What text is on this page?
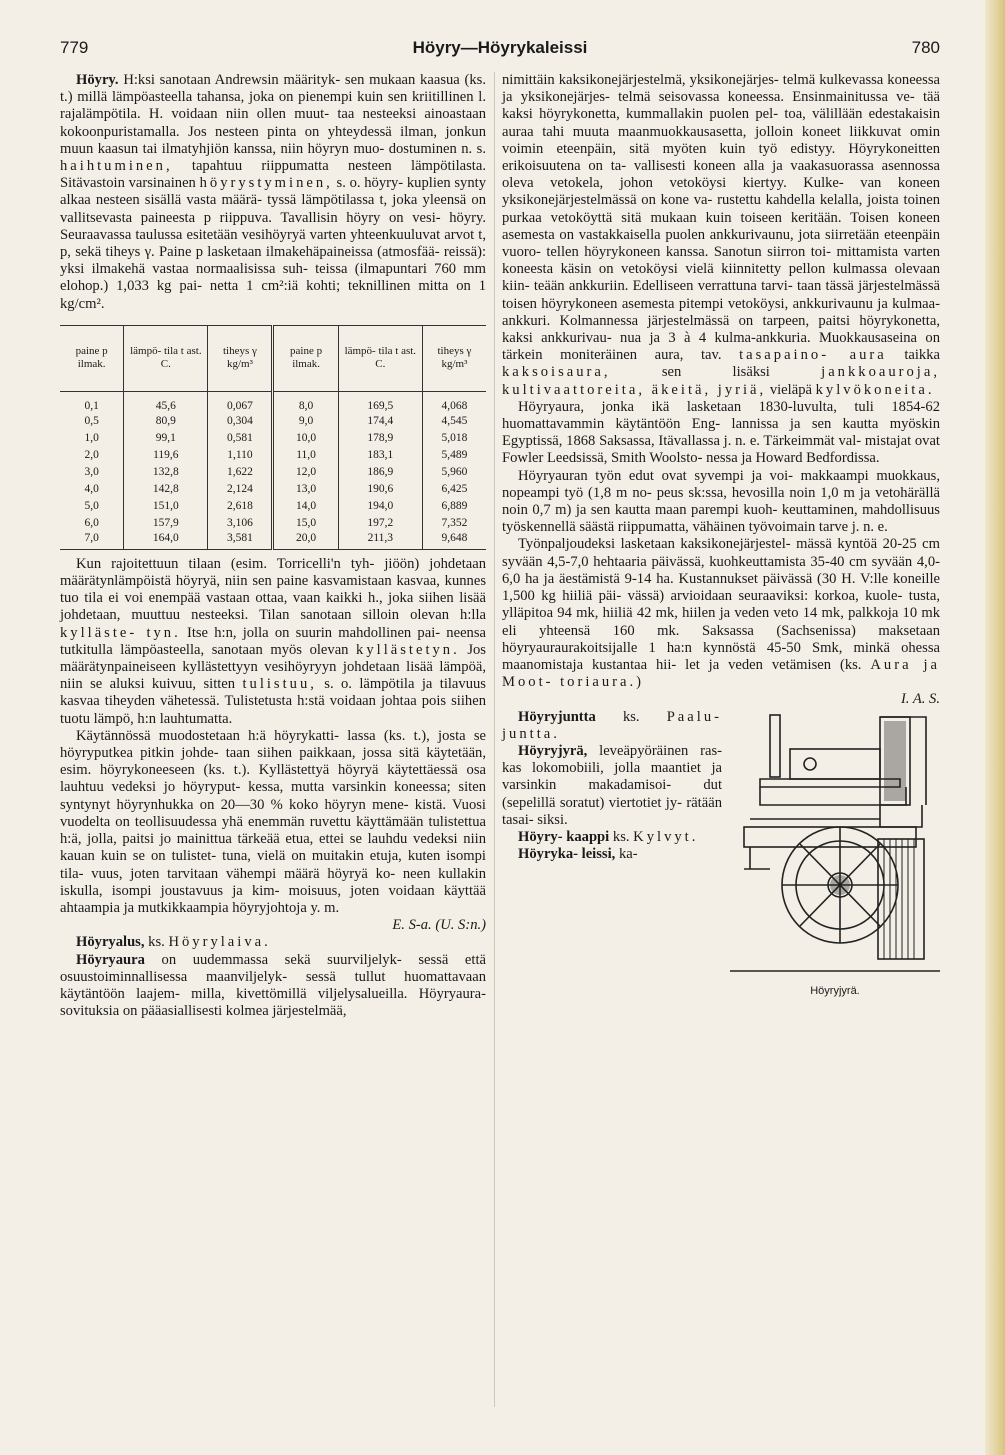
779	Höyry—Höyrykaleissi	780

Höyry. H:ksi sanotaan Andrewsin määrityk- sen mukaan kaasua (ks. t.) millä lämpöasteella tahansa, joka on pienempi kuin sen kriitillinen l. rajalämpötila. H. voidaan niin ollen muut- taa nesteeksi ainoastaan kokoonpuristamalla. Jos nesteen pinta on yhteydessä ilman, jonkun muun kaasun tai ilmatyhjiön kanssa, niin höyryn muo- dostuminen n. s. haihtuminen, tapahtuu riippumatta nesteen lämpötilasta. Sitävastoin varsinainen höyrystyminen, s. o. höyry- kuplien synty alkaa nesteen sisällä vasta määrä- tyssä lämpötilassa t, joka yleensä on vallitsevasta paineesta p riippuva. Tavallisin höyry on vesi- höyry. Seuraavassa taulussa esitetään vesihöyryä varten yhteenkuuluvat arvot t, p, sekä tiheys γ. Paine p lasketaan ilmakehäpaineissa (atmosfää- reissä): yksi ilmakehä vastaa normaalisissa suh- teissa (ilmapuntari 760 mm elohop.) 1,033 kg pai- netta 1 cm²:iä kohti; teknillinen mitta on 1 kg/cm².

paine p ilmak.	lämpö- tila t ast. C.	tiheys γ kg/m³	paine p ilmak.	lämpö- tila t ast. C.	tiheys γ kg/m³
0,1	45,6	0,067	8,0	169,5	4,068
0,5	80,9	0,304	9,0	174,4	4,545
1,0	99,1	0,581	10,0	178,9	5,018
2,0	119,6	1,110	11,0	183,1	5,489
3,0	132,8	1,622	12,0	186,9	5,960
4,0	142,8	2,124	13,0	190,6	6,425
5,0	151,0	2,618	14,0	194,0	6,889
6,0	157,9	3,106	15,0	197,2	7,352
7,0	164,0	3,581	20,0	211,3	9,648

Kun rajoitettuun tilaan (esim. Torricelli'n tyh- jiöön) johdetaan määrätynlämpöistä höyryä, niin sen paine kasvamistaan kasvaa, kunnes tuo tila ei voi enempää vastaan ottaa, vaan kaikki h., joka siihen lisää johdetaan, muuttuu nesteeksi. Tilan sanotaan silloin olevan h:lla kylläste- tyn. Itse h:n, jolla on suurin mahdollinen pai- neensa tutkitulla lämpöasteella, sanotaan myös olevan kyllästetyn. Jos määrätynpaineiseen kyllästettyyn vesihöyryyn johdetaan lisää lämpöä, niin se aluksi kuivuu, sitten tulistuu, s. o. lämpötila ja tilavuus kasvaa tiheyden vähetessä. Tulistetusta h:stä voidaan johtaa pois siihen tuotu lämpö, h:n lauhtumatta.

Käytännössä muodostetaan h:ä höyrykatti- lassa (ks. t.), josta se höyryputkea pitkin johde- taan siihen paikkaan, jossa sitä käytetään, esim. höyrykoneeseen (ks. t.). Kyllästettyä höyryä käytettäessä osa lauhtuu vedeksi jo höyryput- kessa, mutta varsinkin koneessa; siten syntynyt höyrynhukka on 20—30 % koko höyryn mene- kistä. Vuosi vuodelta on teollisuudessa yhä enemmän ruvettu käyttämään tulistettua h:ä, jolla, paitsi jo mainittua tärkeää etua, ettei se lauhdu vedeksi niin kauan kuin se on tulistet- tuna, vielä on muitakin etuja, kuten isompi tila- vuus, joten tarvitaan vähempi määrä höyryä ko- neen kullakin iskulla, isompi joustavuus ja kim- moisuus, joten voidaan käyttää ahtaampia ja mutkikkaampia höyryjohtoja y. m.

E. S-a. (U. S:n.)

Höyryalus, ks. Höyrylaiva.

Höyryaura on uudemmassa sekä suurviljelyk- sessä että osuustoiminnallisessa maanviljelyk- sessä tullut huomattavaan käytäntöön laajem- milla, kivettömillä viljelysalueilla. Höyryaura- sovituksia on pääasiallisesti kolmea järjestelmää,

nimittäin kaksikonejärjestelmä, yksikonejärjes- telmä kulkevassa koneessa ja yksikonejärjes- telmä seisovassa koneessa. Ensinmainitussa ve- tää kaksi höyrykonetta, kummallakin puolen pel- toa, välillään edestakaisin auraa tahi muuta maanmuokkausasetta, jolloin koneet liikkuvat omin voimin eteenpäin, sitä myöten kuin työ edistyy. Höyrykoneitten erikoisuutena on ta- vallisesti koneen alla ja vaakasuorassa asennossa oleva vetokela, johon vetoköysi kiertyy. Kulke- van koneen yksikonejärjestelmässä on kone va- rustettu kahdella kelalla, joista toinen purkaa vetoköyttä sitä mukaan kuin toiseen keritään. Toisen koneen asemesta on vastakkaisella puolen ankkurivaunu, jota siirretään eteenpäin vuoro- tellen höyrykoneen kanssa. Sanotun siirron toi- mittamista varten koneesta käsin on vetoköysi vielä kiinnitetty pellon kulmassa olevaan kiin- teään ankkuriin. Edelliseen verrattuna tarvi- taan tässä järjestelmässä toisen höyrykoneen asemesta pitempi vetoköysi, ankkurivaunu ja kulmaa-ankkuri. Kolmannessa järjestelmässä on tarpeen, paitsi höyrykonetta, kaksi ankkurivau- nua ja 3 à 4 kulma-ankkuria. Muokkausaseina on tärkein moniteräinen aura, tav. tasapaino- aura taikka kaksoisaura,	sen lisäksi	jankkoauroja, kultivaattoreita, äkeitä, jyriä, vieläpä kylvökoneita.

Höyryaura, jonka ikä lasketaan 1830-luvulta, tuli 1854-62 huomattavammin käytäntöön Eng- lannissa ja sen kautta myöskin Egyptissä, 1868 Saksassa, Itävallassa j. n. e. Tärkeimmät val- mistajat ovat Fowler Leedsissä, Smith Woolsto- nessa ja Howard Bedfordissa.

Höyryauran työn edut ovat syvempi ja voi- makkaampi muokkaus, nopeampi työ (1,8 m no- peus sk:ssa, hevosilla noin 1,0 m ja vetohärällä noin 0,7 m) ja sen kautta maan parempi kuoh- keuttaminen, mahdollisuus työskennellä säästä riippumatta, vähäinen työvoimain tarve j. n. e.

Työnpaljoudeksi lasketaan kaksikonejärjestel- mässä kyntöä 20-25 cm syvään 4,5-7,0 hehtaaria päivässä, kuohkeuttamista 35-40 cm syvään 4,0-6,0 ha ja äestämistä 9-14 ha. Kustannukset päivässä (30 H. V:lle koneille 1,500 kg hiiliä päi- vässä) arvioidaan seuraaviksi: korkoa, kuole- tusta, ylläpitoa 94 mk, hiiliä 42 mk, hiilen ja veden veto 14 mk, palkkoja 10 mk eli yhteensä 160 mk. Saksassa (Sachsenissa) maksetaan höyryauraurakoitsijalle 1 ha:n kynnöstä 45-50 Smk, minkä ohessa maanomistaja kustantaa hii- let ja veden vetämisen (ks. Aura ja Moot- toriaura.)

I. A. S.

Höyryjyrä.

Höyryjuntta ks. Paalu- juntta.

Höyryjyrä, leveäpyöräinen ras- kas lokomobiili, jolla maantiet ja varsinkin makadamisoi- dut (sepelillä soratut) viertotiet jy- rätään tasai- siksi.

Höyry- kaappi ks. Kylvyt.

Höyryka- leissi, ka-
